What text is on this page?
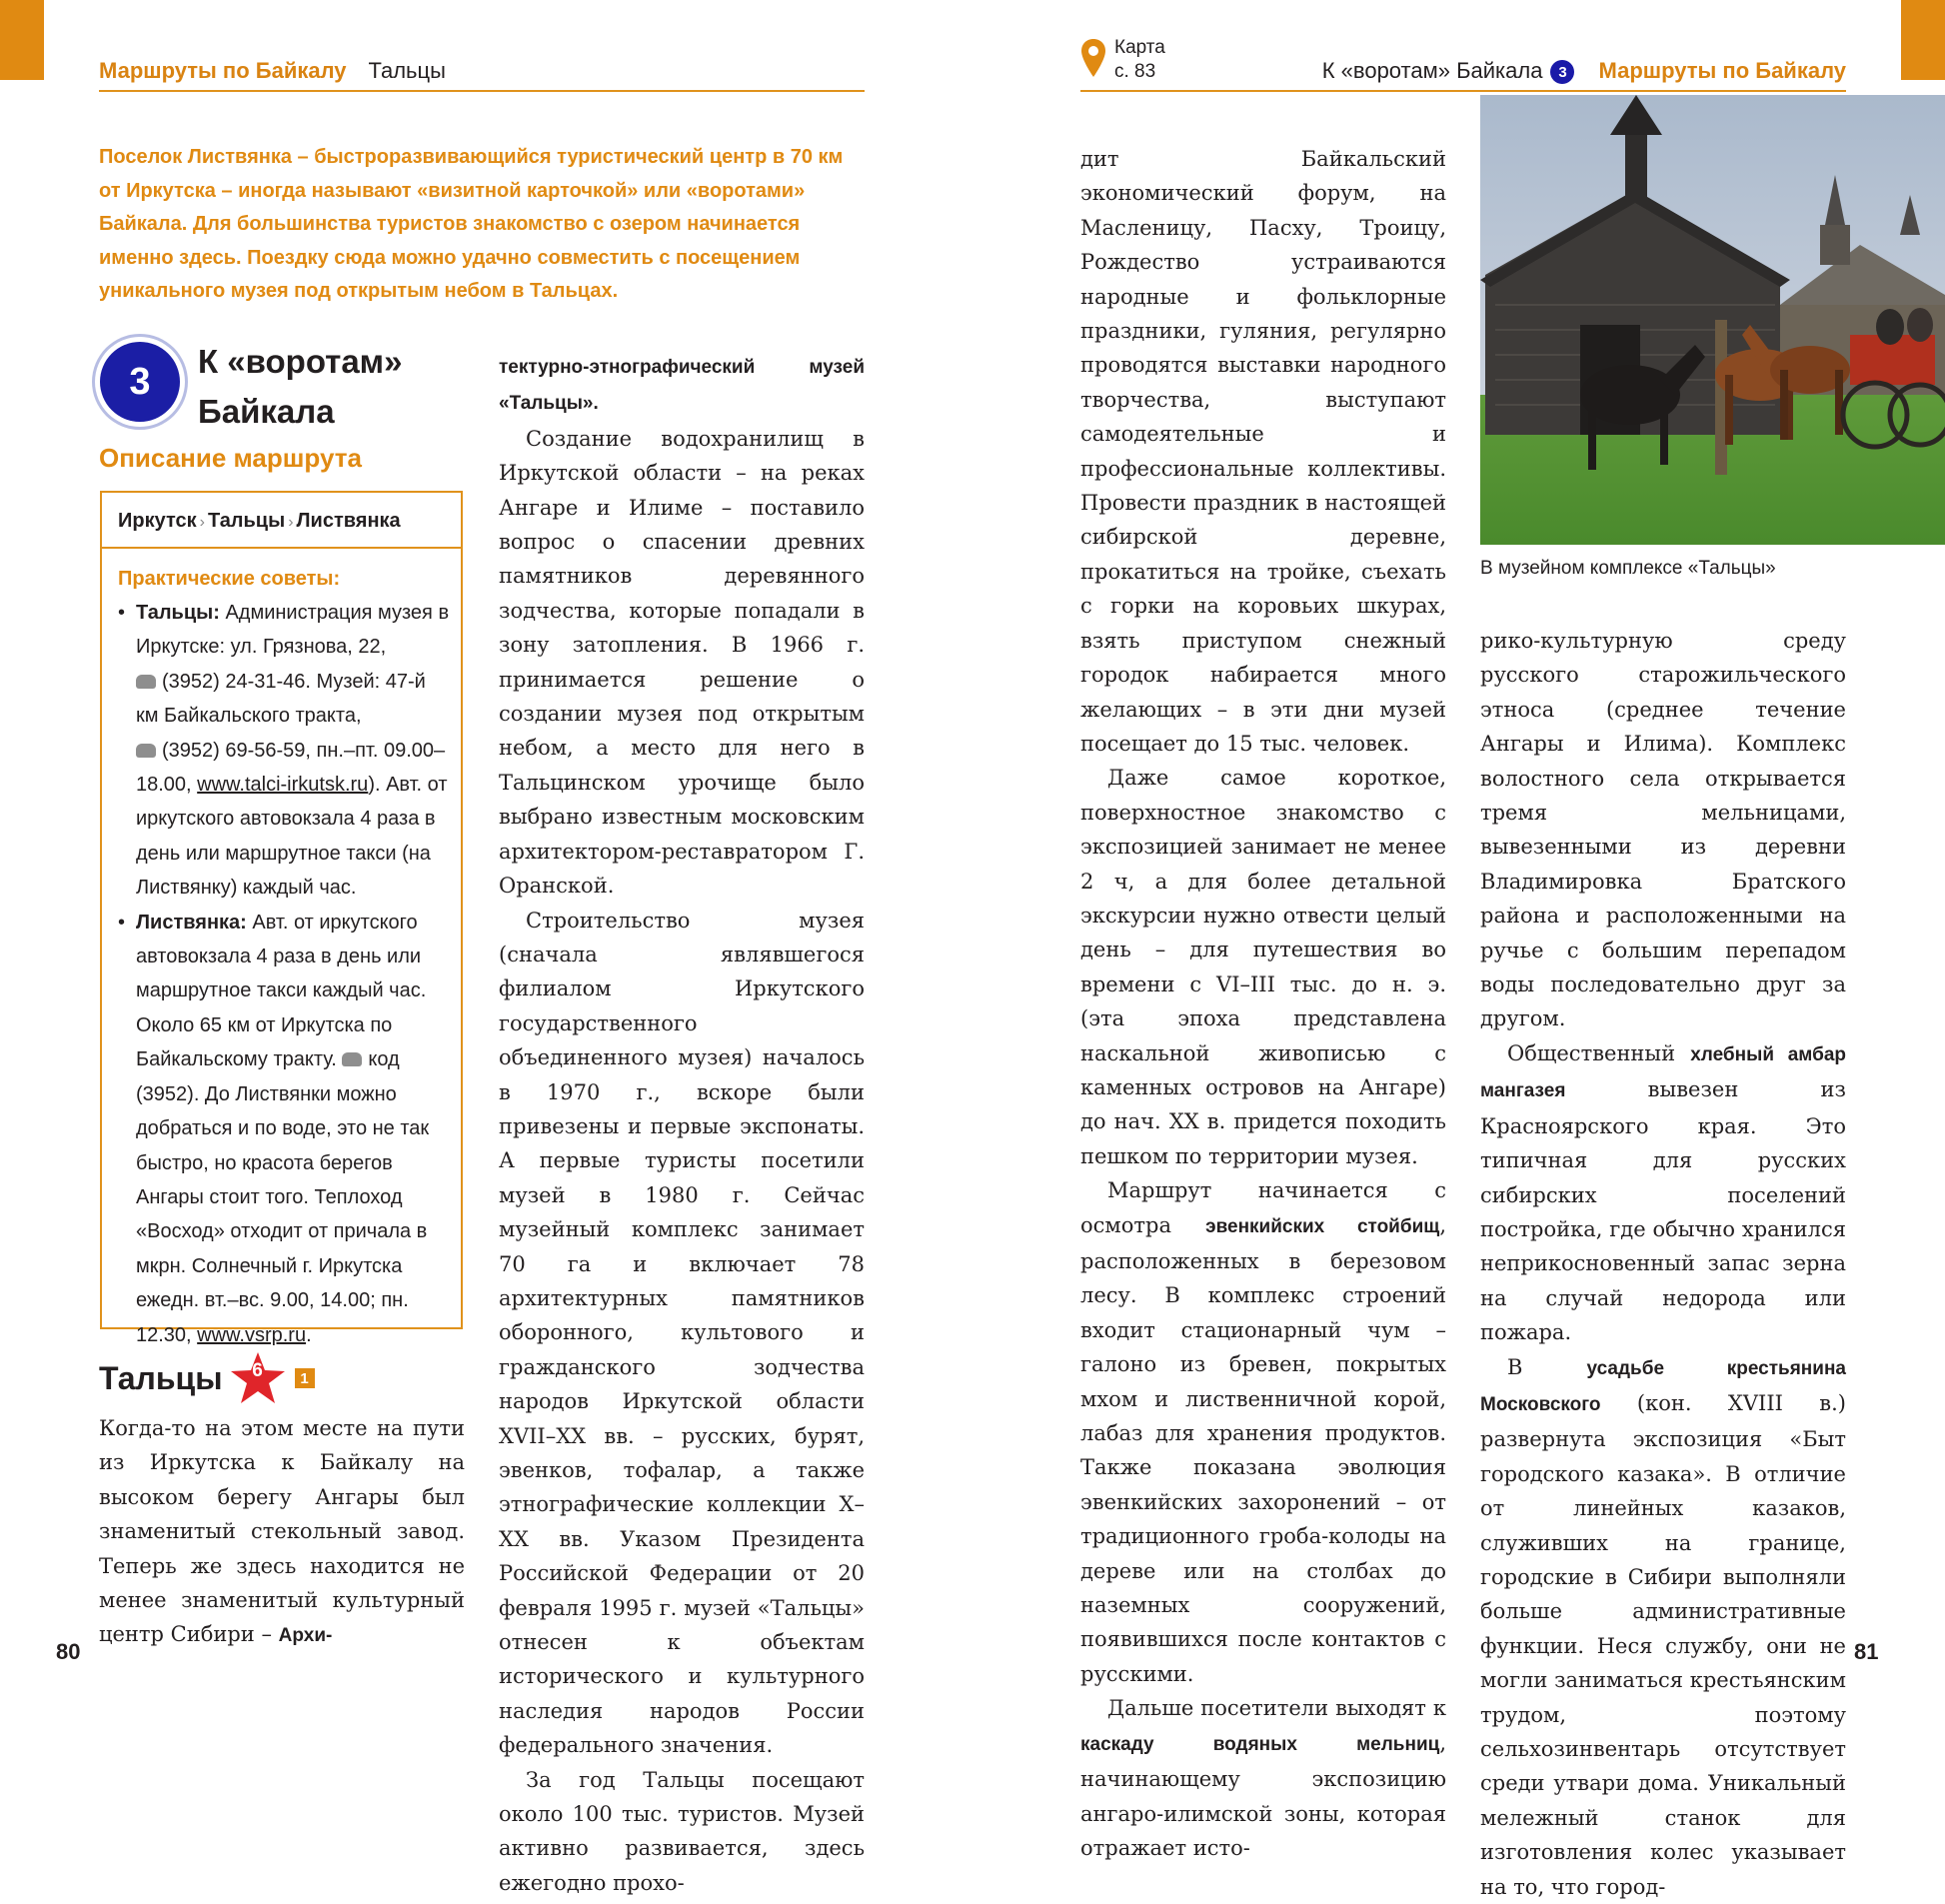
Маршруты по Байкалу Тальцы
Поселок Листвянка – быстроразвивающийся туристический центр в 70 км от Иркутска – иногда называют «визитной карточкой» или «воротами» Байкала. Для большинства туристов знакомство с озером начинается именно здесь. Поездку сюда можно удачно совместить с посещением уникального музея под открытым небом в Тальцах.
3	К «воротам»
Байкала
Описание маршрута
Иркутск › Тальцы › Листвянка
Практические советы:
• Тальцы: Администрация музея в Иркутске: ул. Грязнова, 22,
(3952) 24-31-46. Музей: 47-й км Байкальского тракта,
(3952) 69-56-59, пн.–пт. 09.00–18.00, www.talci-irkutsk.ru). Авт. от иркутского автовокзала 4 раза в день или маршрутное такси (на Листвянку) каждый час.
• Листвянка: Авт. от иркутского автовокзала 4 раза в день или маршрутное такси каждый час. Около 65 км от Иркутска по Байкальскому тракту. код (3952). До Листвянки можно добраться и по воде, это не так быстро, но красота берегов Ангары стоит того. Теплоход «Восход» отходит от причала в мкрн. Солнечный г. Иркутска ежедн. вт.–вс. 9.00, 14.00; пн. 12.30, www.vsrp.ru.
Тальцы	6	1

Когда-то на этом месте на пути из Иркутска к Байкалу на высоком берегу Ангары был знаменитый стекольный завод. Теперь же здесь находится не менее знаменитый культурный центр Сибири – Архи-

тектурно-этнографический музей «Тальцы».

Создание водохранилищ в Иркутской области – на реках Ангаре и Илиме – поставило вопрос о спасении древних памятников деревянного зодчества, которые попадали в зону затопления. В 1966 г. принимается решение о создании музея под открытым небом, а место для него в Тальцинском урочище было выбрано известным московским архитектором-реставратором Г. Оранской.

Строительство музея (сначала являвшегося филиалом Иркутского государственного объединенного музея) началось в 1970 г., вскоре были привезены и первые экспонаты. А первые туристы посетили музей в 1980 г. Сейчас музейный комплекс занимает 70 га и включает 78 архитектурных памятников оборонного, культового и гражданского зодчества народов Иркутской области XVII–XX вв. – русских, бурят, эвенков, тофалар, а также этнографические коллекции X–XX вв. Указом Президента Российской Федерации от 20 февраля 1995 г. музей «Тальцы» отнесен к объектам исторического и культурного наследия народов России федерального значения.

За год Тальцы посещают около 100 тыс. туристов. Музей активно развивается, здесь ежегодно прохо-

80
Карта
с. 83	К «воротам» Байкала	3	Маршруты по Байкалу

дит Байкальский экономический форум, на Масленицу, Пасху, Троицу, Рождество устраиваются народные и фольклорные праздники, гуляния, регулярно проводятся выставки народного творчества, выступают самодеятельные и профессиональные коллективы. Провести праздник в настоящей сибирской деревне, прокатиться на тройке, съехать с горки на коровьих шкурах, взять приступом снежный городок набирается много желающих – в эти дни музей посещает до 15 тыс. человек.

Даже самое короткое, поверхностное знакомство с экспозицией занимает не менее 2 ч, а для более детальной экскурсии нужно отвести целый день – для путешествия во времени с VI–III тыс. до н. э. (эта эпоха представлена наскальной живописью с каменных островов на Ангаре) до нач. XX в. придется походить пешком по территории музея.

Маршрут начинается с осмотра эвенкийских стойбищ, расположенных в березовом лесу. В комплекс строений входит стационарный чум – галоно из бревен, покрытых мхом и лиственничной корой, лабаз для хранения продуктов. Также показана эволюция эвенкийских захоронений – от традиционного гроба-колоды на дереве или на столбах до наземных сооружений, появившихся после контактов с русскими.

Дальше посетители выходят к каскаду водяных мельниц, начинающему экспозицию ангаро-илимской зоны, которая отражает исто-

В музейном комплексе «Тальцы»

рико-культурную среду русского старожильческого этноса (среднее течение Ангары и Илима). Комплекс волостного села открывается тремя мельницами, вывезенными из деревни Владимировка Братского района и расположенными на ручье с большим перепадом воды последовательно друг за другом.

Общественный хлебный амбар мангазея вывезен из Красноярского края. Это типичная для русских сибирских поселений постройка, где обычно хранился неприкосновенный запас зерна на случай недорода или пожара.

В усадьбе крестьянина Московского (кон. XVIII в.) развернута экспозиция «Быт городского казака». В отличие от линейных казаков, служивших на границе, городские в Сибири выполняли больше административные функции. Неся службу, они не могли заниматься крестьянским трудом, поэтому сельхозинвентарь отсутствует среди утвари дома. Уникальный мележный станок для изготовления колес указывает на то, что город-

81
